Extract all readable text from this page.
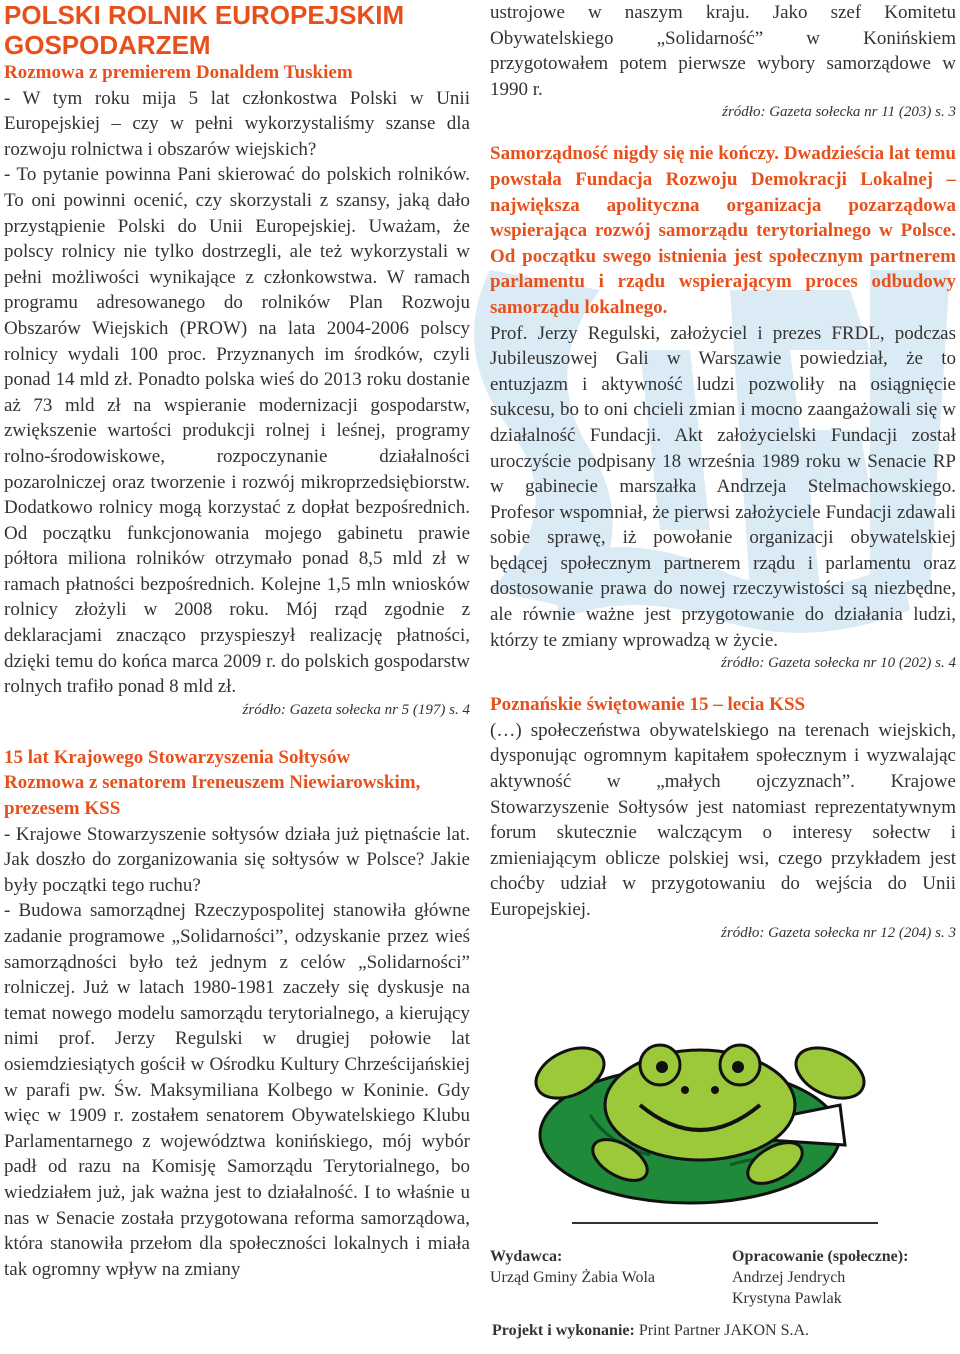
POLSKI ROLNIK EUROPEJSKIM
GOSPODARZEM

Rozmowa z premierem Donaldem Tuskiem

- W tym roku mija 5 lat członkostwa Polski w Unii Europejskiej – czy w pełni wykorzystaliśmy szanse dla rozwoju rolnictwa i obszarów wiejskich?
- To pytanie powinna Pani skierować do polskich rolników. To oni powinni ocenić, czy skorzystali z szansy, jaką dało przystąpienie Polski do Unii Europejskiej. Uważam, że polscy rolnicy nie tylko dostrzegli, ale też wykorzystali w pełni możliwości wynikające z członkowstwa. W ramach programu adresowanego do rolników Plan Rozwoju Obszarów Wiejskich (PROW) na lata 2004-2006 polscy rolnicy wydali 100 proc. Przyznanych im środków, czyli ponad 14 mld zł. Ponadto polska wieś do 2013 roku dostanie aż 73 mld zł na wspieranie modernizacji gospodarstw, zwiększenie wartości produkcji rolnej i leśnej, programy rolno-środowiskowe, rozpoczynanie działalności pozarolniczej oraz tworzenie i rozwój mikroprzedsiębiorstw. Dodatkowo rolnicy mogą korzystać z dopłat bezpośrednich. Od początku funkcjonowania mojego gabinetu prawie półtora miliona rolników otrzymało ponad 8,5 mld zł w ramach płatności bezpośrednich. Kolejne 1,5 mln wniosków rolnicy złożyli w 2008 roku. Mój rząd zgodnie z deklaracjami znacząco przyspieszył realizację płatności, dzięki temu do końca marca 2009 r. do polskich gospodarstw rolnych trafiło ponad 8 mld zł.

źródło: Gazeta sołecka nr 5 (197) s. 4

15 lat Krajowego Stowarzyszenia Sołtysów

Rozmowa z senatorem Ireneuszem Niewiarowskim, prezesem KSS

- Krajowe Stowarzyszenie sołtysów działa już piętnaście lat. Jak doszło do zorganizowania się sołtysów w Polsce? Jakie były początki tego ruchu?
- Budowa samorządnej Rzeczypospolitej stanowiła główne zadanie programowe „Solidarności”, odzyskanie przez wieś samorządności było też jednym z celów „Solidarności” rolniczej. Już w latach 1980-1981 zaczeły się dyskusje na temat nowego modelu samorządu terytorialnego, a kierujący nimi prof. Jerzy Regulski w drugiej połowie lat osiemdziesiątych gościł w Ośrodku Kultury Chrześcijańskiej w parafi pw. Św. Maksymiliana Kolbego w Koninie. Gdy więc w 1909 r. zostałem senatorem Obywatelskiego Klubu Parlamentarnego z województwa konińskiego, mój wybór padł od razu na Komisję Samorządu Terytorialnego, bo wiedziałem już, jak ważna jest to działalność. I to właśnie u nas w Senacie została przygotowana reforma samorządowa, która stanowiła przełom dla społeczności lokalnych i miała tak ogromny wpływ na zmiany

ustrojowe w naszym kraju. Jako szef Komitetu Obywatelskiego „Solidarność” w Konińskiem przygotowałem potem pierwsze wybory samorządowe w 1990 r.

źródło: Gazeta sołecka nr 11 (203) s. 3

Samorządność nigdy się nie kończy. Dwadzieścia lat temu powstała Fundacja Rozwoju Demokracji Lokalnej – największa apolityczna organizacja pozarządowa wspierająca rozwój samorządu terytorialnego w Polsce. Od początku swego istnienia jest społecznym partnerem parlamentu i rządu wspierającym proces odbudowy samorządu lokalnego.

Prof. Jerzy Regulski, założyciel i prezes FRDL, podczas Jubileuszowej Gali w Warszawie powiedział, że to entuzjazm i aktywność ludzi pozwoliły na osiągnięcie sukcesu, bo to oni chcieli zmian i mocno zaangażowali się w działalność Fundacji. Akt założycielski Fundacji został uroczyście podpisany 18 września 1989 roku w Senacie RP w gabinecie marszałka Andrzeja Stelmachowskiego. Profesor wspomniał, że pierwsi założyciele Fundacji zdawali sobie sprawę, iż powołanie organizacji obywatelskiej będącej społecznym partnerem rządu i parlamentu oraz dostosowanie prawa do nowej rzeczywistości są niezbędne, ale równie ważne jest przygotowanie do działania ludzi, którzy te zmiany wprowadzą w życie.

źródło: Gazeta sołecka nr 10 (202) s. 4

Poznańskie świętowanie 15 – lecia KSS

(…) społeczeństwa obywatelskiego na terenach wiejskich, dysponując ogromnym kapitałem społecznym i wyzwalając aktywność w „małych ojczyznach”. Krajowe Stowarzyszenie Sołtysów jest natomiast reprezentatywnym forum skutecznie walczącym o interesy sołectw i zmieniającym oblicze polskiej wsi, czego przykładem jest choćby udział w przygotowaniu do wejścia do Unii Europejskiej.

źródło: Gazeta sołecka nr 12 (204) s. 3

Wydawca:
Urząd Gminy Żabia Wola
Opracowanie (społeczne):
Andrzej Jendrych
Krystyna Pawlak
Projekt i wykonanie: Print Partner JAKON S.A.
